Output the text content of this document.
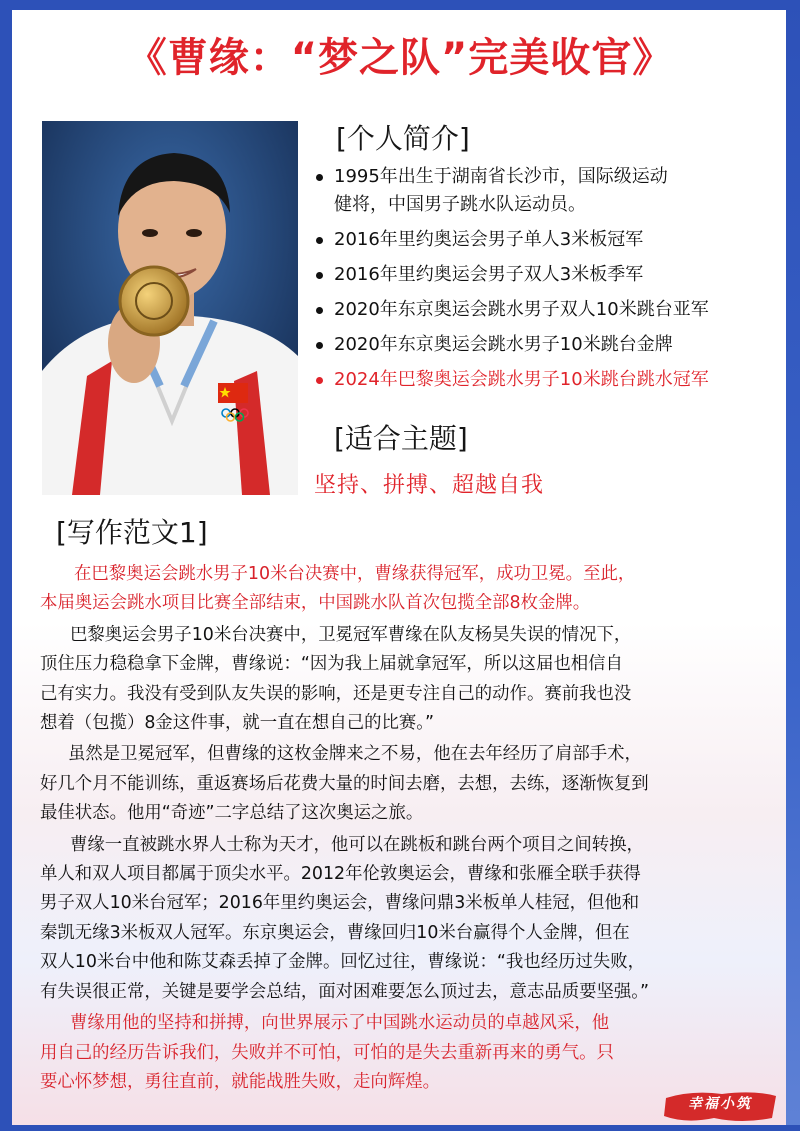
《曹缘：“梦之队”完美收官》
[个人简介]
[适合主题]
[写作范文1]
1995年出生于湖南省长沙市，国际级运动
健将，中国男子跳水队运动员。
2016年里约奥运会男子单人3米板冠军
2016年里约奥运会男子双人3米板季军
2020年东京奥运会跳水男子双人10米跳台亚军
2020年东京奥运会跳水男子10米跳台金牌
2024年巴黎奥运会跳水男子10米跳台跳水冠军
坚持、拼搏、超越自我

在巴黎奥运会跳水男子10米台决赛中，曹缘获得冠军，成功卫冕。至此，
本届奥运会跳水项目比赛全部结束，中国跳水队首次包揽全部8枚金牌。

巴黎奥运会男子10米台决赛中，卫冕冠军曹缘在队友杨昊失误的情况下，
顶住压力稳稳拿下金牌，曹缘说：“因为我上届就拿冠军，所以这届也相信自
己有实力。我没有受到队友失误的影响，还是更专注自己的动作。赛前我也没
想着（包揽）8金这件事，就一直在想自己的比赛。”

虽然是卫冕冠军，但曹缘的这枚金牌来之不易，他在去年经历了肩部手术，
好几个月不能训练，重返赛场后花费大量的时间去磨，去想，去练，逐渐恢复到
最佳状态。他用“奇迹”二字总结了这次奥运之旅。

曹缘一直被跳水界人士称为天才，他可以在跳板和跳台两个项目之间转换，
单人和双人项目都属于顶尖水平。2012年伦敦奥运会，曹缘和张雁全联手获得
男子双人10米台冠军；2016年里约奥运会，曹缘问鼎3米板单人桂冠，但他和
秦凯无缘3米板双人冠军。东京奥运会，曹缘回归10米台赢得个人金牌，但在
双人10米台中他和陈艾森丢掉了金牌。回忆过往，曹缘说：“我也经历过失败，
有失误很正常，关键是要学会总结，面对困难要怎么顶过去，意志品质要坚强。”

曹缘用他的坚持和拼搏，向世界展示了中国跳水运动员的卓越风采，他
用自己的经历告诉我们，失败并不可怕，可怕的是失去重新再来的勇气。只
要心怀梦想，勇往直前，就能战胜失败，走向辉煌。

幸福小筑
